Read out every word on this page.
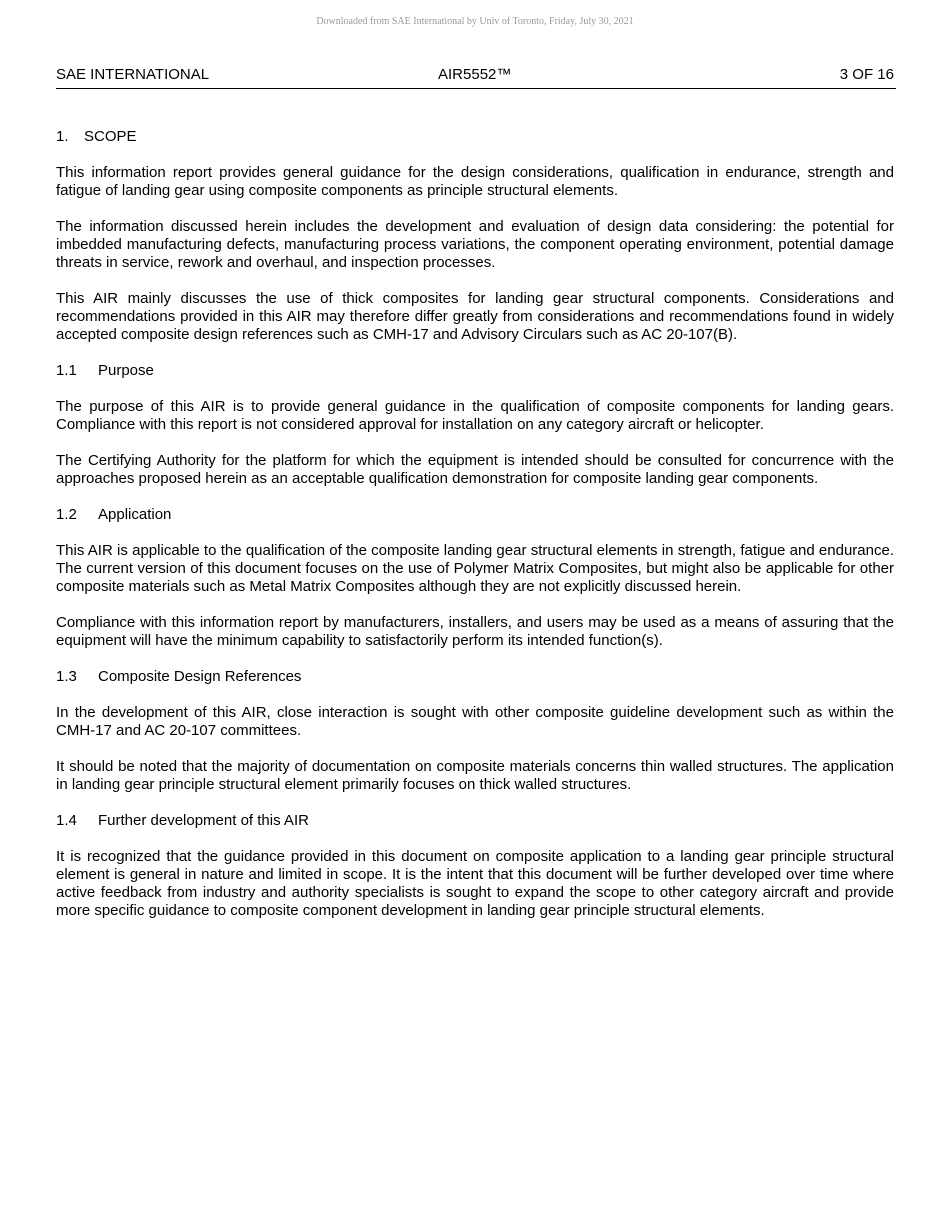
Downloaded from SAE International by Univ of Toronto, Friday, July 30, 2021
SAE INTERNATIONAL	AIR5552™	3 OF 16
1.	SCOPE

This information report provides general guidance for the design considerations, qualification in endurance, strength and fatigue of landing gear using composite components as principle structural elements.

The information discussed herein includes the development and evaluation of design data considering: the potential for imbedded manufacturing defects, manufacturing process variations, the component operating environment, potential damage threats in service, rework and overhaul, and inspection processes.

This AIR mainly discusses the use of thick composites for landing gear structural components. Considerations and recommendations provided in this AIR may therefore differ greatly from considerations and recommendations found in widely accepted composite design references such as CMH-17 and Advisory Circulars such as AC 20-107(B).

1.1	Purpose

The purpose of this AIR is to provide general guidance in the qualification of composite components for landing gears. Compliance with this report is not considered approval for installation on any category aircraft or helicopter.

The Certifying Authority for the platform for which the equipment is intended should be consulted for concurrence with the approaches proposed herein as an acceptable qualification demonstration for composite landing gear components.

1.2	Application

This AIR is applicable to the qualification of the composite landing gear structural elements in strength, fatigue and endurance. The current version of this document focuses on the use of Polymer Matrix Composites, but might also be applicable for other composite materials such as Metal Matrix Composites although they are not explicitly discussed herein.

Compliance with this information report by manufacturers, installers, and users may be used as a means of assuring that the equipment will have the minimum capability to satisfactorily perform its intended function(s).

1.3	Composite Design References

In the development of this AIR, close interaction is sought with other composite guideline development such as within the CMH-17 and AC 20-107 committees.

It should be noted that the majority of documentation on composite materials concerns thin walled structures. The application in landing gear principle structural element primarily focuses on thick walled structures.

1.4	Further development of this AIR

It is recognized that the guidance provided in this document on composite application to a landing gear principle structural element is general in nature and limited in scope. It is the intent that this document will be further developed over time where active feedback from industry and authority specialists is sought to expand the scope to other category aircraft and provide more specific guidance to composite component development in landing gear principle structural elements.
